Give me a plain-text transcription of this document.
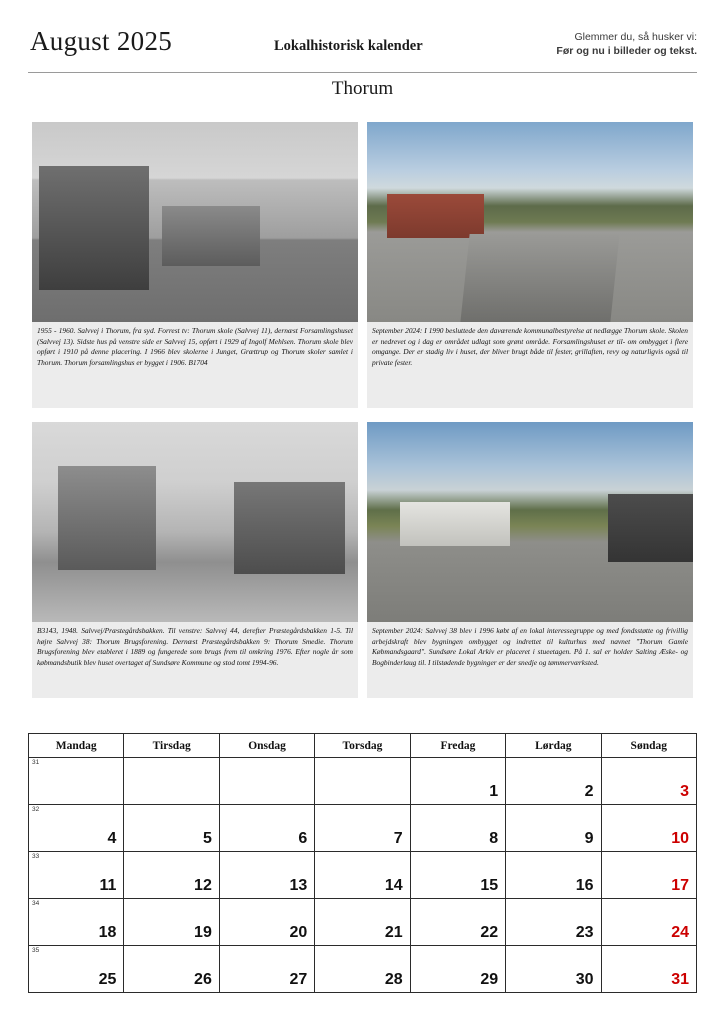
August 2025	Lokalhistorisk kalender
Glemmer du, så husker vi:
Før og nu i billeder og tekst.
Thorum
1955 - 1960. Salvvej i Thorum, fra syd. Forrest tv: Thorum skole (Salvvej 11), dernæst Forsamlingshuset (Salvvej 13). Sidste hus på venstre side er Salvvej 15, opført i 1929 af Ingolf Mehlsen. Thorum skole blev opført i 1910 på denne placering. I 1966 blev skolerne i Junget, Grættrup og Thorum skoler samlet i Thorum. Thorum forsamlingshus er bygget i 1906. B1704
September 2024: I 1990 besluttede den daværende kommunalbestyrelse at nedlægge Thorum skole. Skolen er nedrevet og i dag er området udlagt som grønt område. Forsamlingshuset er til- om ombygget i flere omgange. Der er stadig liv i huset, der bliver brugt både til fester, grillaften, revy og naturligvis også til private fester.
B3143, 1948. Salvvej/Præstegårdsbakken. Til venstre: Salvvej 44, derefter Præstegårdsbakken 1-5. Til højre Salvvej 38: Thorum Brugsforening. Dernæst Præstegårdsbakken 9: Thorum Smedie. Thorum Brugsforening blev etableret i 1889 og fungerede som brugs frem til omkring 1976. Efter nogle år som købmandsbutik blev huset overtaget af Sundsøre Kommune og stod tomt 1994-96.
September 2024: Salvvej 38 blev i 1996 købt af en lokal interessegruppe og med fondsstøtte og frivillig arbejdskraft blev bygningen ombygget og indrettet til kulturhus med navnet "Thorum Gamle Købmandsgaard". Sundsøre Lokal Arkiv er placeret i stueetagen. På 1. sal er holder Salting Æske- og Bogbinderlaug til. I tilstødende bygninger er der snedje og tømmerværksted.
Mandag	Tirsdag	Onsdag	Torsdag	Fredag	Lørdag	Søndag

31				1	2	3

32
4	5	6	7	8	9	10

33
11	12	13	14	15	16	17

34
18	19	20	21	22	23	24

35
25	26	27	28	29	30	31
